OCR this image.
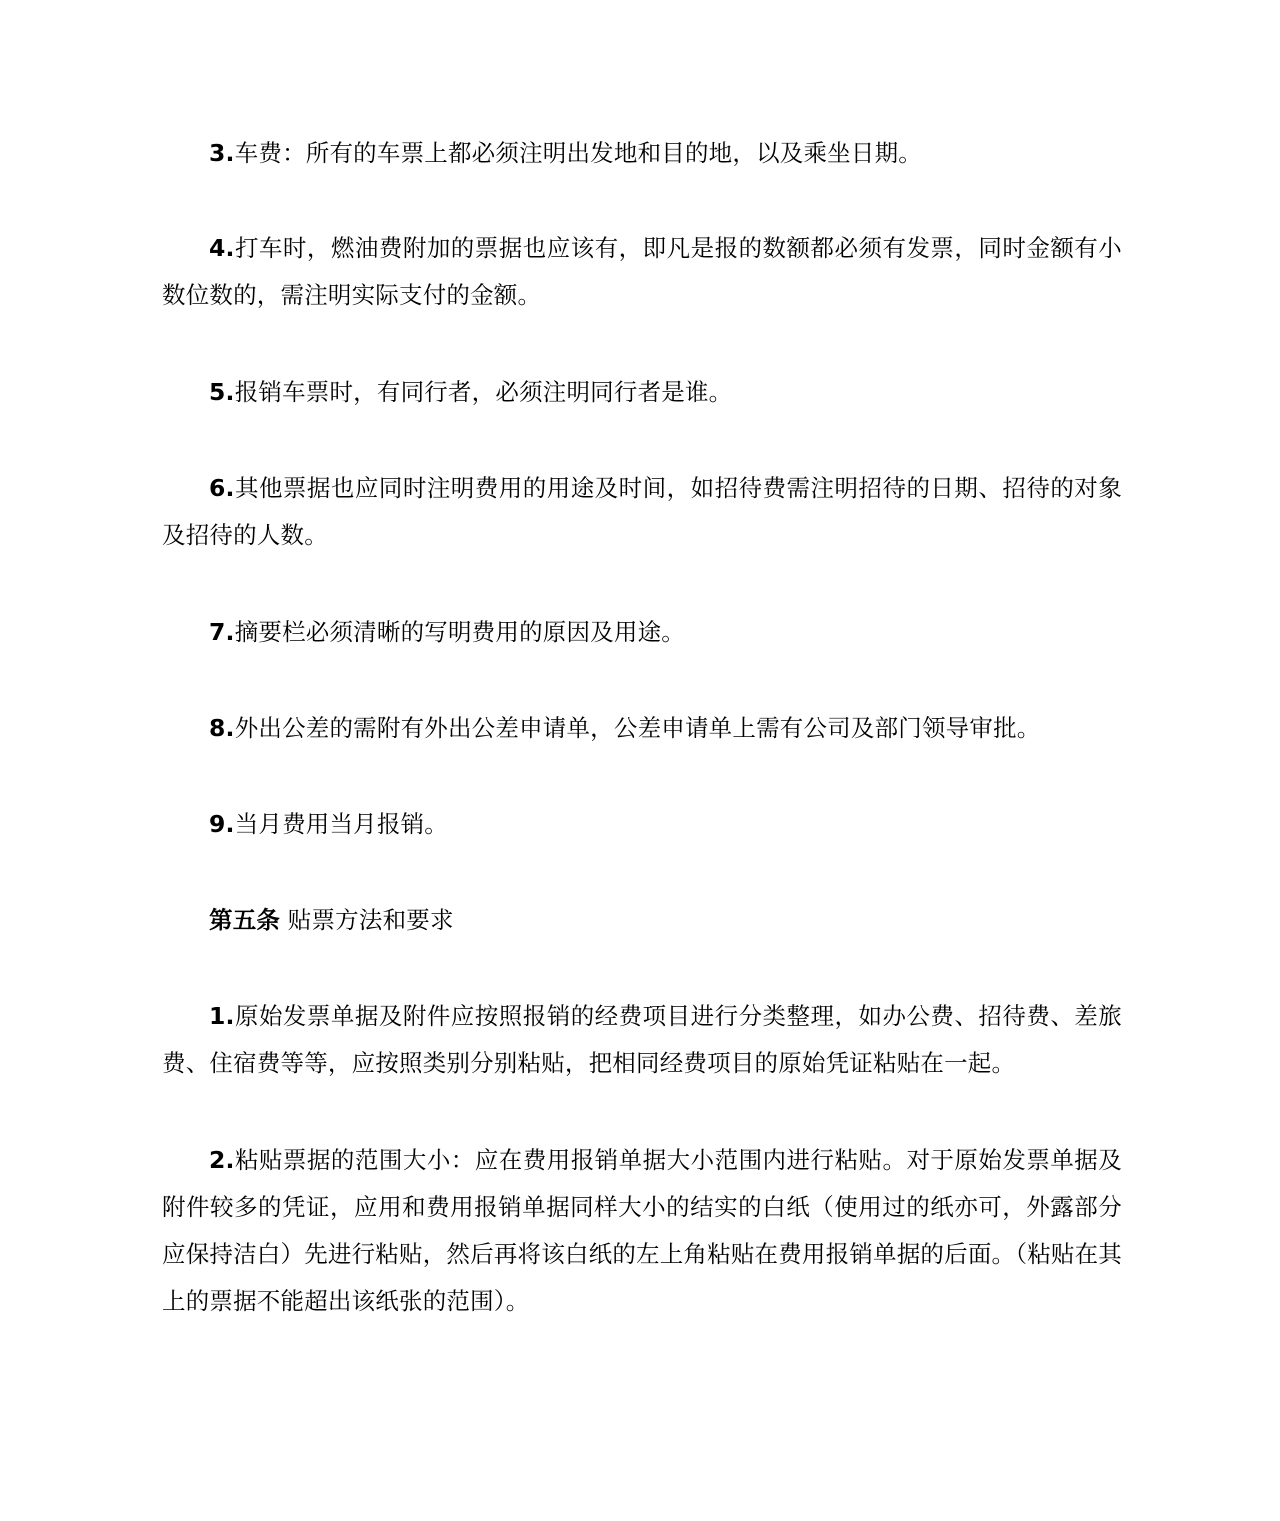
3.车费：所有的车票上都必须注明出发地和目的地，以及乘坐日期。

4.打车时，燃油费附加的票据也应该有，即凡是报的数额都必须有发票，同时金额有小数位数的，需注明实际支付的金额。

5.报销车票时，有同行者，必须注明同行者是谁。

6.其他票据也应同时注明费用的用途及时间，如招待费需注明招待的日期、招待的对象及招待的人数。

7.摘要栏必须清晰的写明费用的原因及用途。

8.外出公差的需附有外出公差申请单，公差申请单上需有公司及部门领导审批。

9.当月费用当月报销。

第五条 贴票方法和要求

1.原始发票单据及附件应按照报销的经费项目进行分类整理，如办公费、招待费、差旅费、住宿费等等，应按照类别分别粘贴，把相同经费项目的原始凭证粘贴在一起。

2.粘贴票据的范围大小：应在费用报销单据大小范围内进行粘贴。对于原始发票单据及附件较多的凭证，应用和费用报销单据同样大小的结实的白纸（使用过的纸亦可，外露部分应保持洁白）先进行粘贴，然后再将该白纸的左上角粘贴在费用报销单据的后面。（粘贴在其上的票据不能超出该纸张的范围）。
